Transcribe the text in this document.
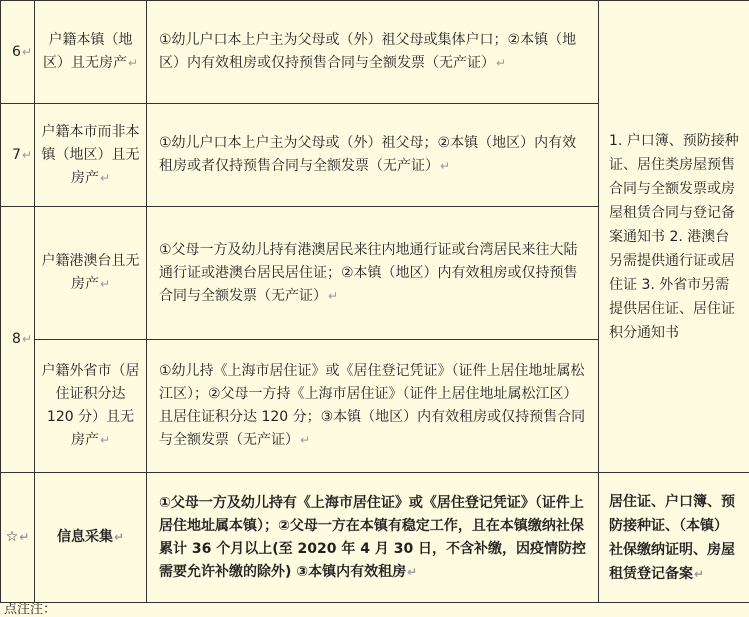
6↵	户籍本镇（地区）且无房产↵	①幼儿户口本上户主为父母或（外）祖父母或集体户口；②本镇（地区）内有效租房或仅持预售合同与全额发票（无产证）↵	1. 户口簿、预防接种证、居住类房屋预售合同与全额发票或房屋租赁合同与登记备案通知书 2. 港澳台另需提供通行证或居住证 3. 外省市另需提供居住证、居住证积分通知书

7↵	户籍本市而非本镇（地区）且无房产↵	①幼儿户口本上户主为父母或（外）祖父母；②本镇（地区）内有效租房或者仅持预售合同与全额发票（无产证）↵	

8↵	户籍港澳台且无房产↵	①父母一方及幼儿持有港澳居民来往内地通行证或台湾居民来往大陆通行证或港澳台居民居住证；②本镇（地区）内有效租房或仅持预售合同与全额发票（无产证）↵	

	户籍外省市（居住证积分达 120 分）且无房产↵	①幼儿持《上海市居住证》或《居住登记凭证》（证件上居住地址属松江区）；②父母一方持《上海市居住证》（证件上居住地址属松江区）且居住证积分达 120 分；③本镇（地区）内有效租房或仅持预售合同与全额发票（无产证）↵	

☆↵	信息采集↵	①父母一方及幼儿持有《上海市居住证》或《居住登记凭证》（证件上居住地址属本镇）；②父母一方在本镇有稳定工作，且在本镇缴纳社保累计 36 个月以上(至 2020 年 4 月 30 日，不含补缴，因疫情防控需要允许补缴的除外) ③本镇内有效租房↵	居住证、户口簿、预防接种证、（本镇）社保缴纳证明、房屋租赁登记备案↵
点注注：
